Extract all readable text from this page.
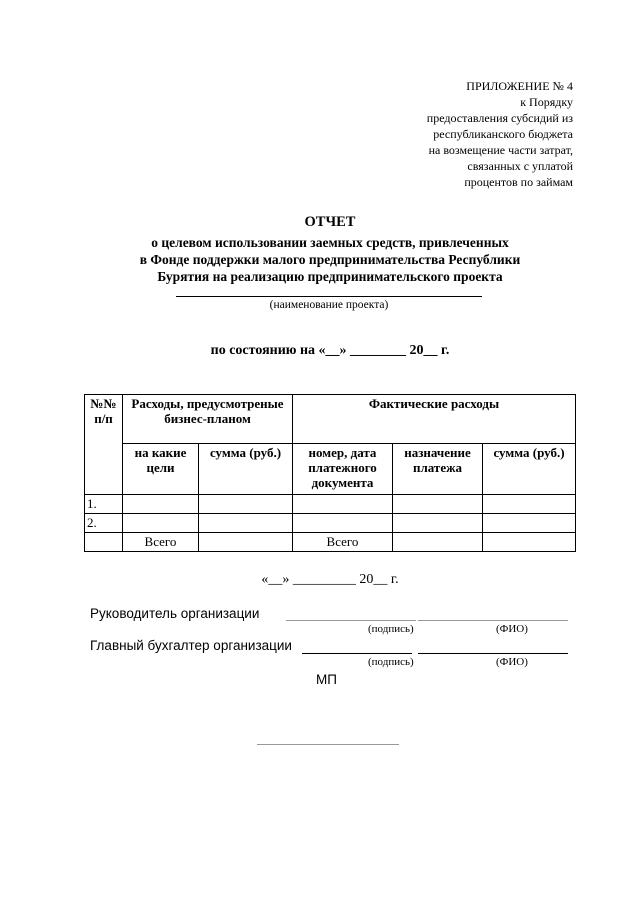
ПРИЛОЖЕНИЕ № 4
к Порядку
предоставления субсидий из
республиканского бюджета
на возмещение части затрат,
связанных с уплатой
процентов по займам
ОТЧЕТ
о целевом использовании заемных средств, привлеченных
в Фонде поддержки малого предпринимательства Республики
Бурятия на реализацию предпринимательского проекта
(наименование проекта)
по состоянию на «__» ________ 20__ г.
№№ п/п	Расходы, предусмотреные бизнес-планом		Фактические расходы		
	на какие цели	сумма (руб.)	номер, дата платежного документа	назначение платежа	сумма (руб.)
1.					
2.					
	Всего		Всего		
«__» _________ 20__ г.
Руководитель организации
(подпись)	(ФИО)
Главный бухгалтер организации
(подпись)	(ФИО)
МП
